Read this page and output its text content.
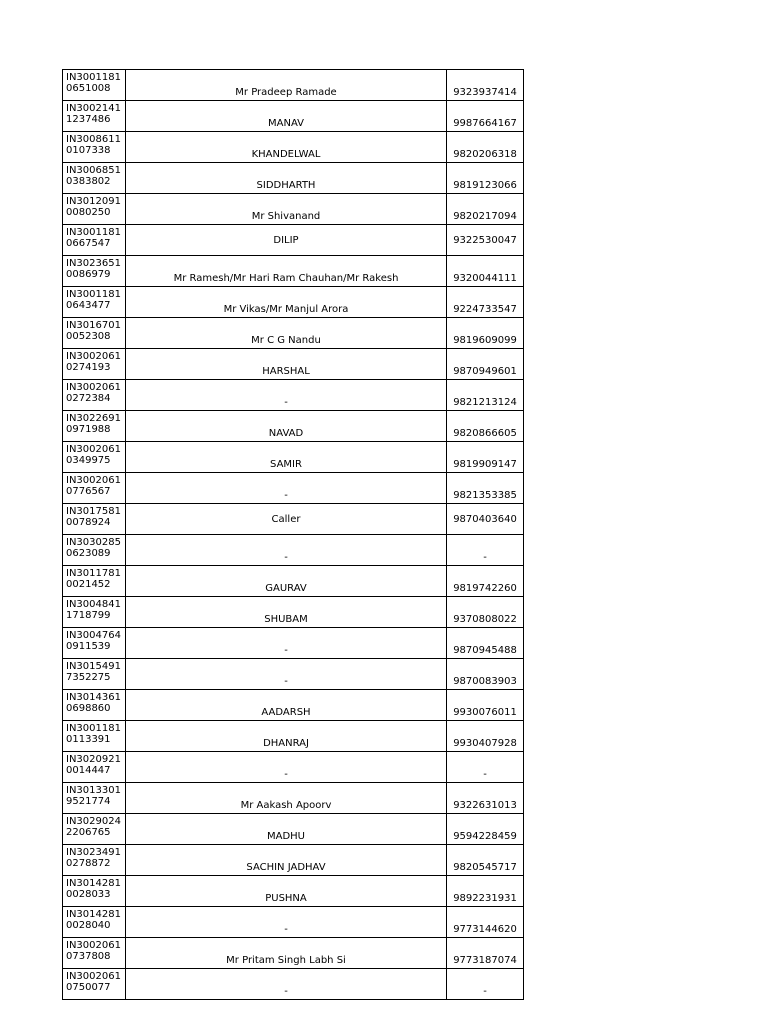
IN3001181
0651008	Mr Pradeep Ramade	9323937414

IN3002141
1237486	MANAV	9987664167

IN3008611
0107338	KHANDELWAL	9820206318

IN3006851
0383802	SIDDHARTH	9819123066

IN3012091
0080250	Mr Shivanand	9820217094

IN3001181
0667547	DILIP	9322530047

IN3023651
0086979	Mr Ramesh/Mr Hari Ram Chauhan/Mr Rakesh	9320044111

IN3001181
0643477	Mr Vikas/Mr Manjul Arora	9224733547

IN3016701
0052308	Mr C G Nandu	9819609099

IN3002061
0274193	HARSHAL	9870949601

IN3002061
0272384	-	9821213124

IN3022691
0971988	NAVAD	9820866605

IN3002061
0349975	SAMIR	9819909147

IN3002061
0776567	-	9821353385

IN3017581
0078924	Caller	9870403640

IN3030285
0623089	-	-

IN3011781
0021452	GAURAV	9819742260

IN3004841
1718799	SHUBAM	9370808022

IN3004764
0911539	-	9870945488

IN3015491
7352275	-	9870083903

IN3014361
0698860	AADARSH	9930076011

IN3001181
0113391	DHANRAJ	9930407928

IN3020921
0014447	-	-

IN3013301
9521774	Mr Aakash Apoorv	9322631013

IN3029024
2206765	MADHU	9594228459

IN3023491
0278872	SACHIN JADHAV	9820545717

IN3014281
0028033	PUSHNA	9892231931

IN3014281
0028040	-	9773144620

IN3002061
0737808	Mr Pritam Singh Labh Si	9773187074

IN3002061
0750077	-	-
